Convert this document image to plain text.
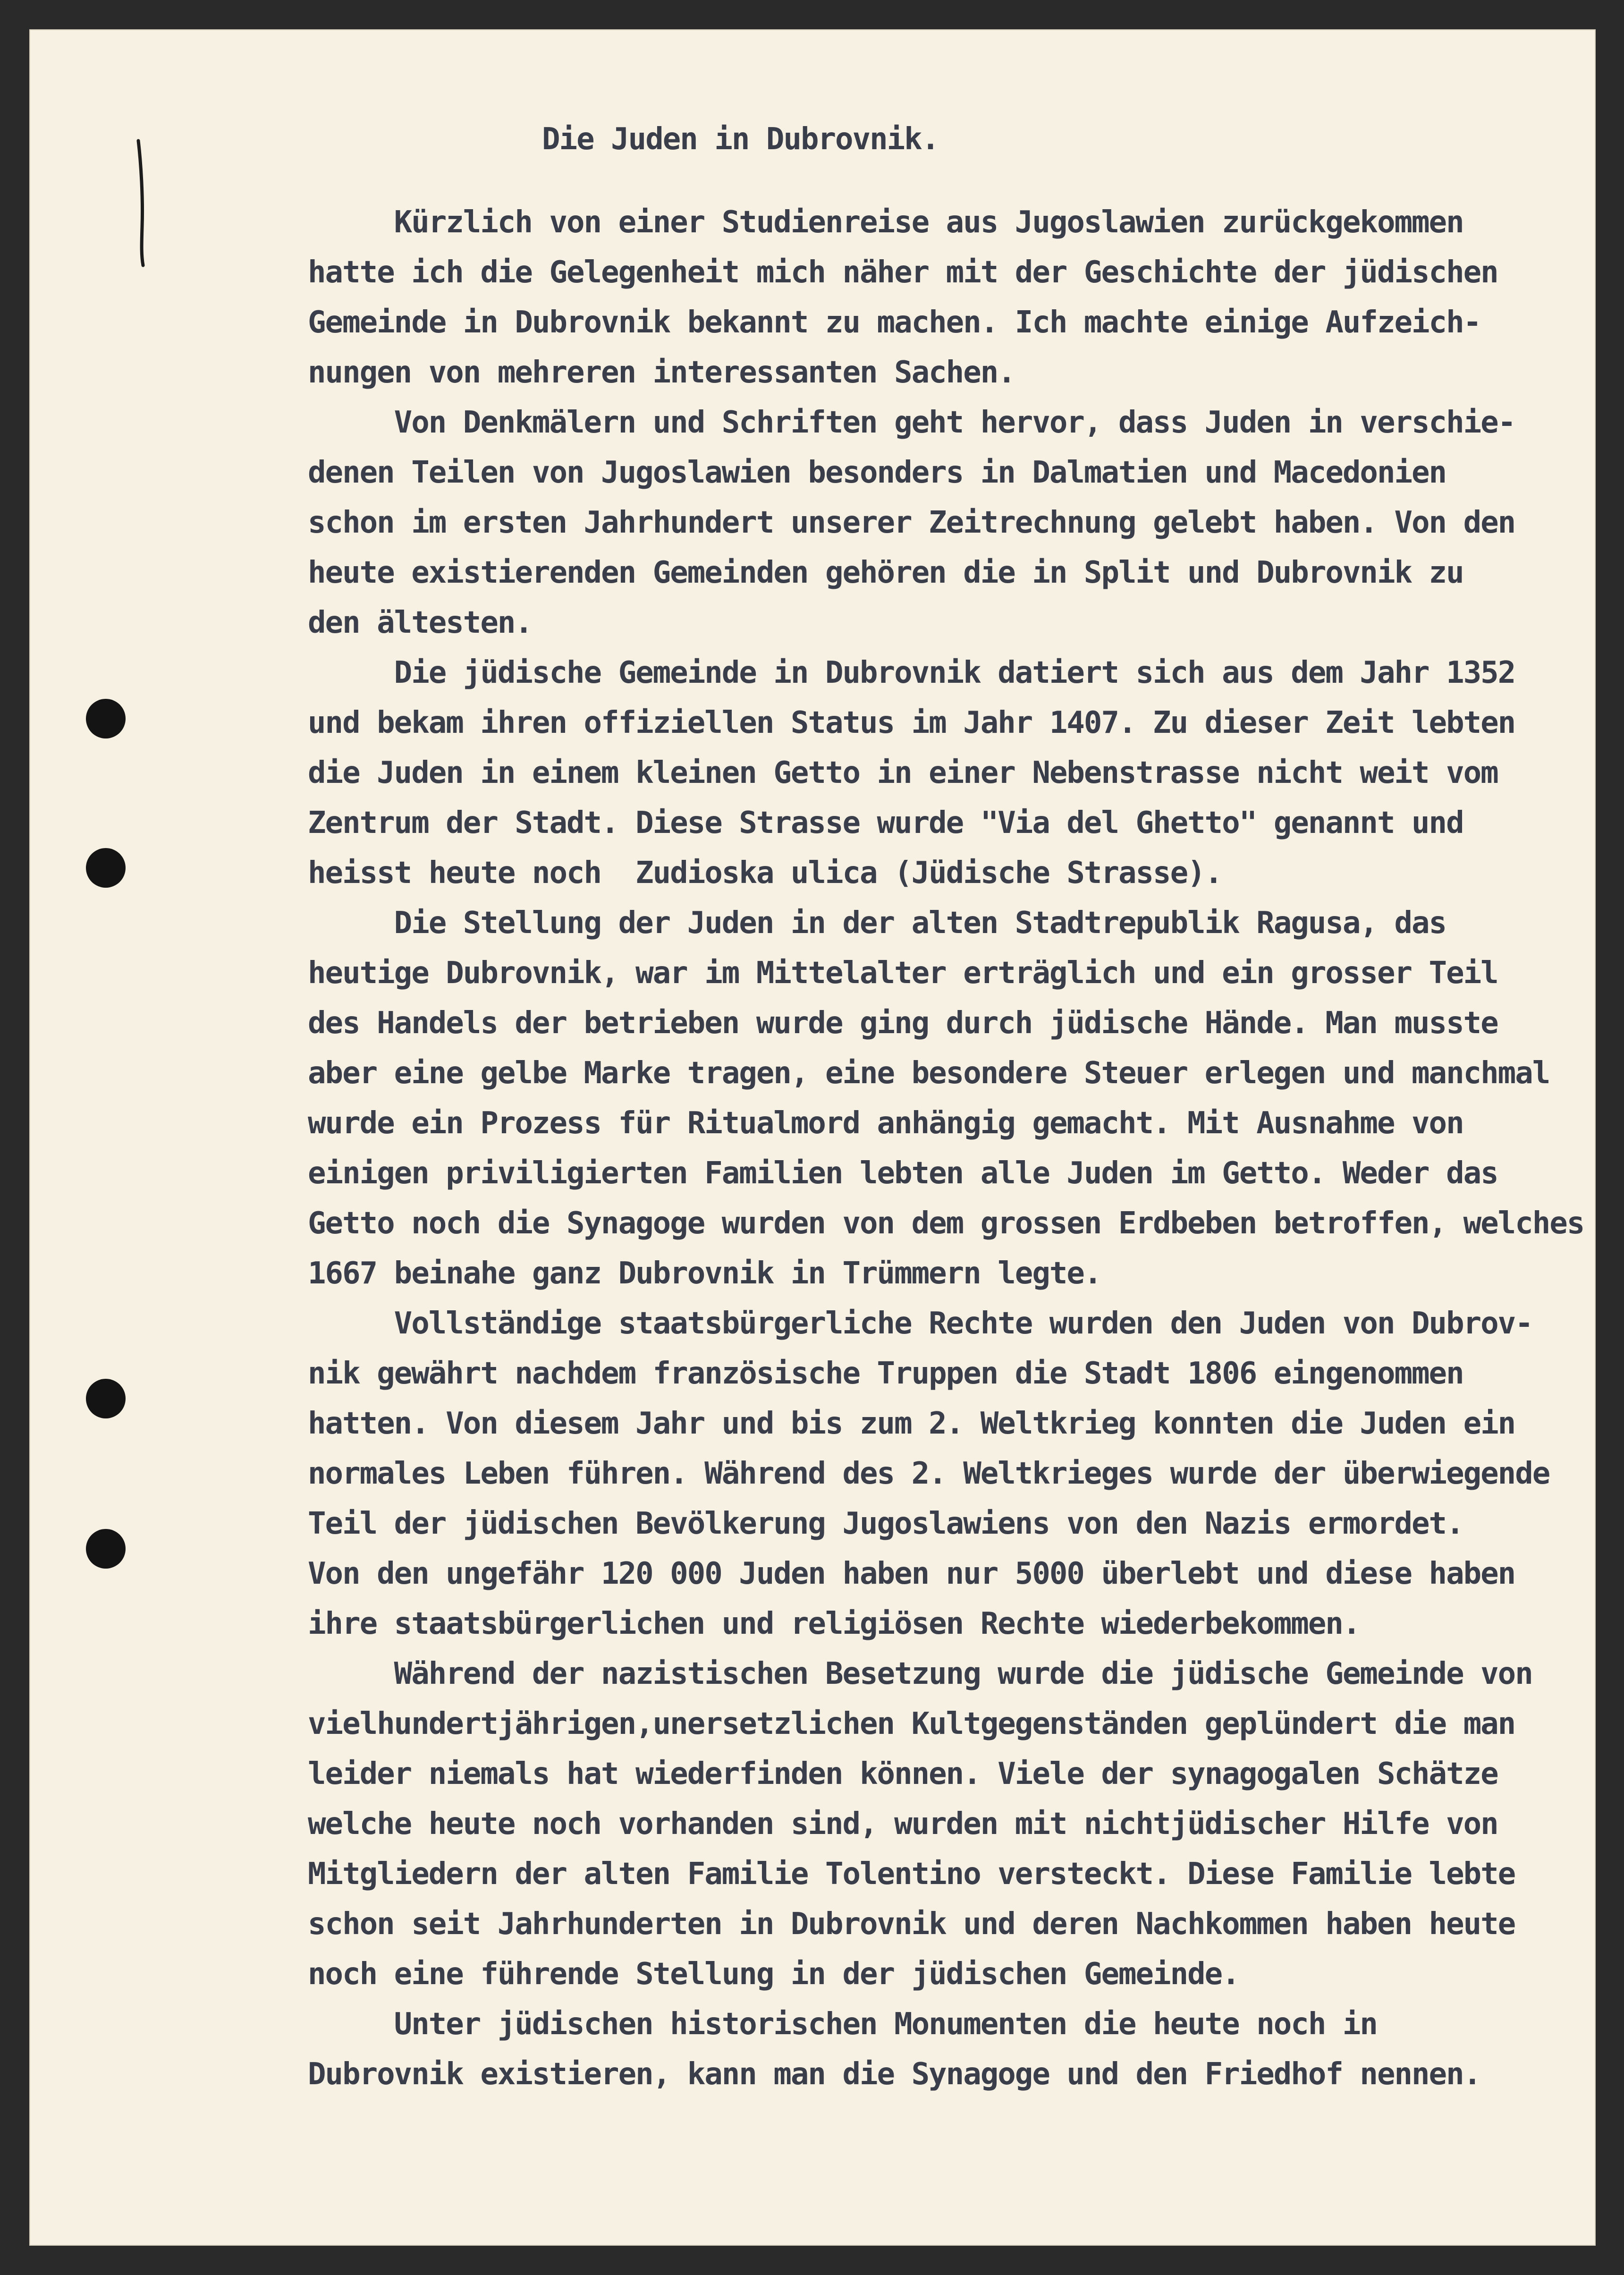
Die Juden in Dubrovnik.
Kürzlich von einer Studienreise aus Jugoslawien zurückgekommen
hatte ich die Gelegenheit mich näher mit der Geschichte der jüdischen
Gemeinde in Dubrovnik bekannt zu machen. Ich machte einige Aufzeich-
nungen von mehreren interessanten Sachen.
Von Denkmälern und Schriften geht hervor, dass Juden in verschie-
denen Teilen von Jugoslawien besonders in Dalmatien und Macedonien
schon im ersten Jahrhundert unserer Zeitrechnung gelebt haben. Von den
heute existierenden Gemeinden gehören die in Split und Dubrovnik zu
den ältesten.
Die jüdische Gemeinde in Dubrovnik datiert sich aus dem Jahr 1352
und bekam ihren offiziellen Status im Jahr 1407. Zu dieser Zeit lebten
die Juden in einem kleinen Getto in einer Nebenstrasse nicht weit vom
Zentrum der Stadt. Diese Strasse wurde "Via del Ghetto" genannt und
heisst heute noch  Zudioska ulica (Jüdische Strasse).
Die Stellung der Juden in der alten Stadtrepublik Ragusa, das
heutige Dubrovnik, war im Mittelalter erträglich und ein grosser Teil
des Handels der betrieben wurde ging durch jüdische Hände. Man musste
aber eine gelbe Marke tragen, eine besondere Steuer erlegen und manchmal
wurde ein Prozess für Ritualmord anhängig gemacht. Mit Ausnahme von
einigen priviligierten Familien lebten alle Juden im Getto. Weder das
Getto noch die Synagoge wurden von dem grossen Erdbeben betroffen, welches
1667 beinahe ganz Dubrovnik in Trümmern legte.
Vollständige staatsbürgerliche Rechte wurden den Juden von Dubrov-
nik gewährt nachdem französische Truppen die Stadt 1806 eingenommen
hatten. Von diesem Jahr und bis zum 2. Weltkrieg konnten die Juden ein
normales Leben führen. Während des 2. Weltkrieges wurde der überwiegende
Teil der jüdischen Bevölkerung Jugoslawiens von den Nazis ermordet.
Von den ungefähr 120 000 Juden haben nur 5000 überlebt und diese haben
ihre staatsbürgerlichen und religiösen Rechte wiederbekommen.
Während der nazistischen Besetzung wurde die jüdische Gemeinde von
vielhundertjährigen,unersetzlichen Kultgegenständen geplündert die man
leider niemals hat wiederfinden können. Viele der synagogalen Schätze
welche heute noch vorhanden sind, wurden mit nichtjüdischer Hilfe von
Mitgliedern der alten Familie Tolentino versteckt. Diese Familie lebte
schon seit Jahrhunderten in Dubrovnik und deren Nachkommen haben heute
noch eine führende Stellung in der jüdischen Gemeinde.
Unter jüdischen historischen Monumenten die heute noch in
Dubrovnik existieren, kann man die Synagoge und den Friedhof nennen.
